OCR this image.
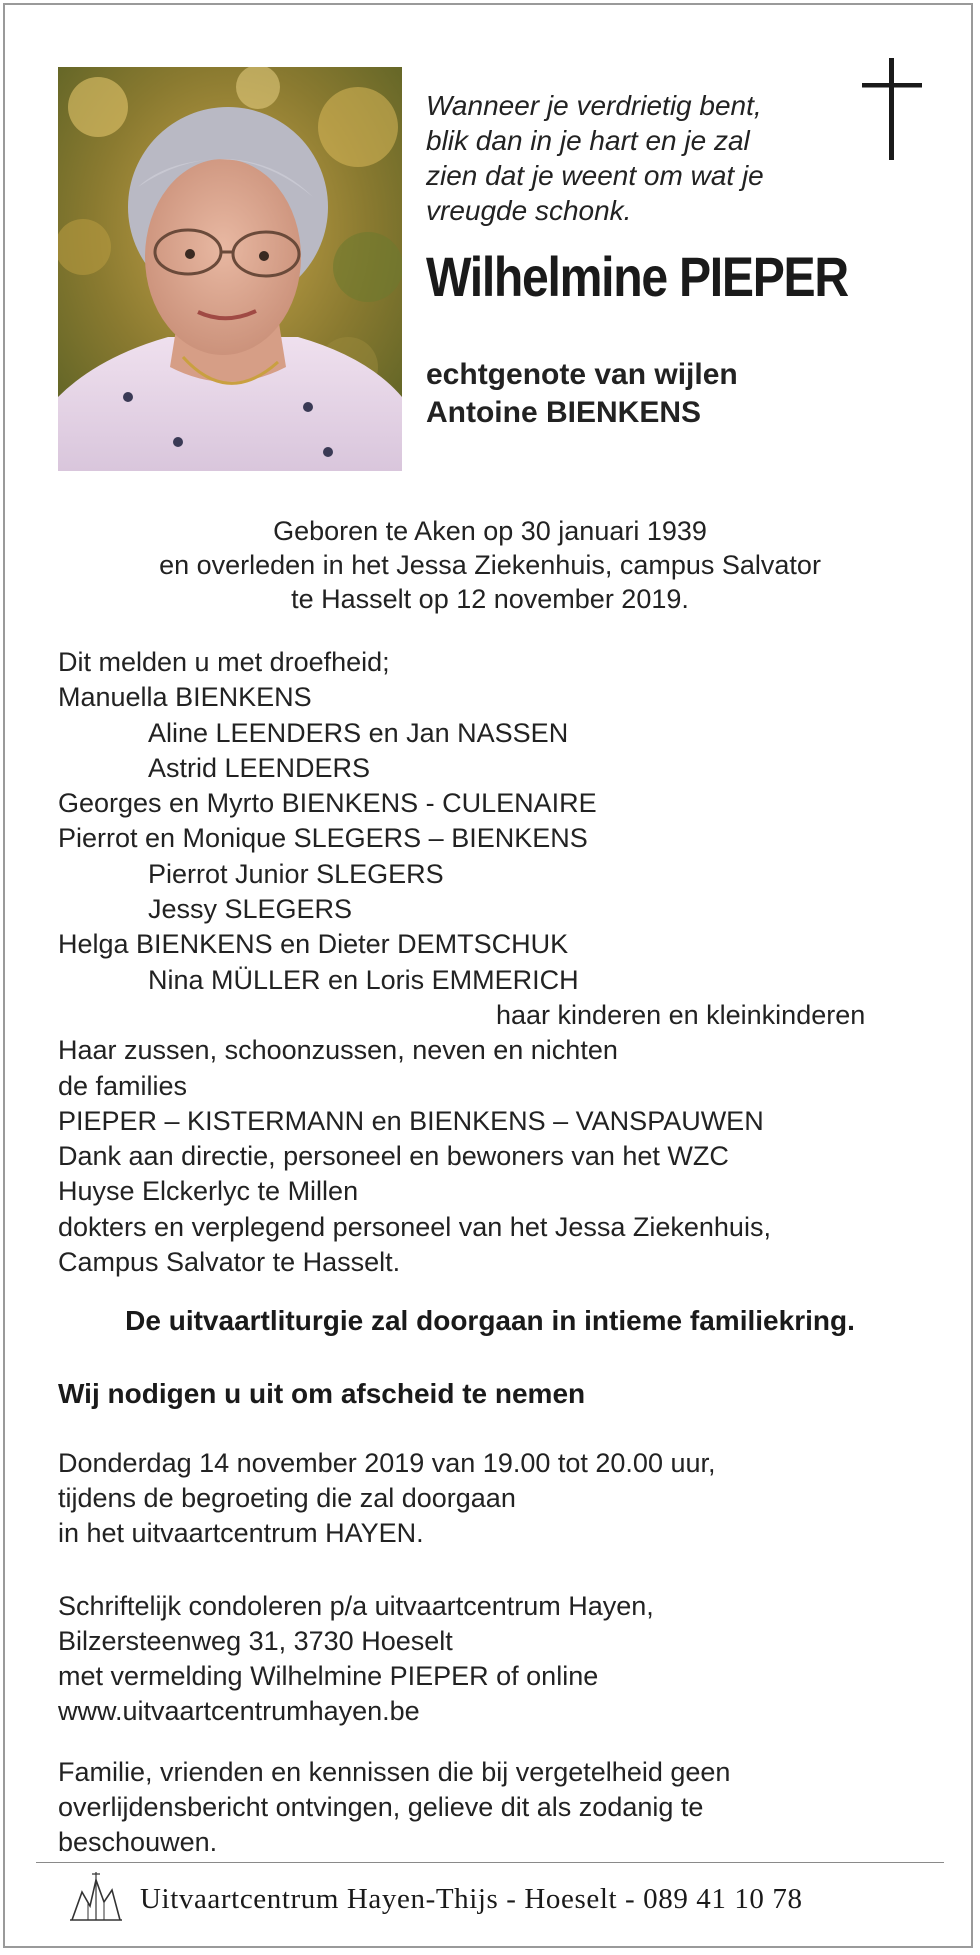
Wanneer je verdrietig bent,
blik dan in je hart en je zal
zien dat je weent om wat je
vreugde schonk.
Wilhelmine PIEPER
echtgenote van wijlen
Antoine BIENKENS
Geboren te Aken op 30 januari 1939
en overleden in het Jessa Ziekenhuis, campus Salvator
te Hasselt op 12 november 2019.
Dit melden u met droefheid;
Manuella BIENKENS
Aline LEENDERS en Jan NASSEN
Astrid LEENDERS
Georges en Myrto BIENKENS - CULENAIRE
Pierrot en Monique SLEGERS – BIENKENS
Pierrot Junior SLEGERS
Jessy SLEGERS
Helga BIENKENS en Dieter DEMTSCHUK
Nina MÜLLER en Loris EMMERICH
haar kinderen en kleinkinderen
Haar zussen, schoonzussen, neven en nichten
de families
PIEPER – KISTERMANN en BIENKENS – VANSPAUWEN
Dank aan directie, personeel en bewoners van het WZC
Huyse Elckerlyc te Millen
dokters en verplegend personeel van het Jessa Ziekenhuis,
Campus Salvator te Hasselt.
De uitvaartliturgie zal doorgaan in intieme familiekring.
Wij nodigen u uit om afscheid te nemen
Donderdag 14 november 2019 van 19.00 tot 20.00 uur,
tijdens de begroeting die zal doorgaan
in het uitvaartcentrum HAYEN.
Schriftelijk condoleren p/a uitvaartcentrum Hayen,
Bilzersteenweg 31, 3730 Hoeselt
met vermelding Wilhelmine PIEPER of online
www.uitvaartcentrumhayen.be
Familie, vrienden en kennissen die bij vergetelheid geen
overlijdensbericht ontvingen, gelieve dit als zodanig te
beschouwen.
Uitvaartcentrum Hayen-Thijs - Hoeselt - 089 41 10 78
